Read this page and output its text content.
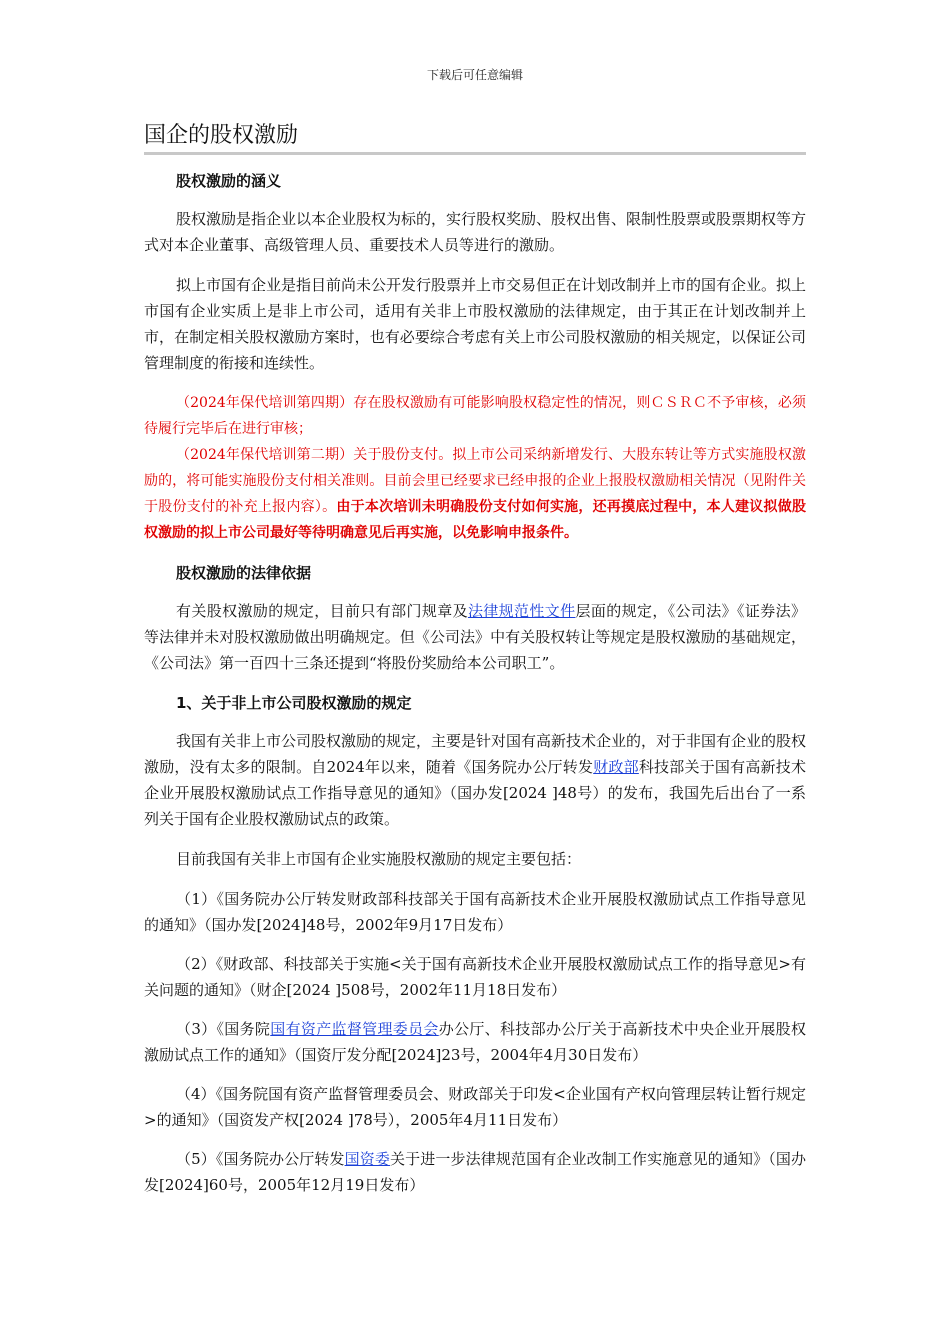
下载后可任意编辑
国企的股权激励

股权激励的涵义

股权激励是指企业以本企业股权为标的，实行股权奖励、股权出售、限制性股票或股票期权等方式对本企业董事、高级管理人员、重要技术人员等进行的激励。

拟上市国有企业是指目前尚未公开发行股票并上市交易但正在计划改制并上市的国有企业。拟上市国有企业实质上是非上市公司，适用有关非上市股权激励的法律规定，由于其正在计划改制并上市，在制定相关股权激励方案时，也有必要综合考虑有关上市公司股权激励的相关规定，以保证公司管理制度的衔接和连续性。

（2024年保代培训第四期）存在股权激励有可能影响股权稳定性的情况，则ＣＳＲＣ不予审核，必须待履行完毕后在进行审核；

（2024年保代培训第二期）关于股份支付。拟上市公司采纳新增发行、大股东转让等方式实施股权激励的，将可能实施股份支付相关准则。目前会里已经要求已经申报的企业上报股权激励相关情况（见附件关于股份支付的补充上报内容）。由于本次培训未明确股份支付如何实施，还再摸底过程中，本人建议拟做股权激励的拟上市公司最好等待明确意见后再实施，以免影响申报条件。

股权激励的法律依据

有关股权激励的规定，目前只有部门规章及法律规范性文件层面的规定，《公司法》《证券法》等法律并未对股权激励做出明确规定。但《公司法》中有关股权转让等规定是股权激励的基础规定，《公司法》第一百四十三条还提到“将股份奖励给本公司职工”。

1、关于非上市公司股权激励的规定

我国有关非上市公司股权激励的规定，主要是针对国有高新技术企业的，对于非国有企业的股权激励，没有太多的限制。自2024年以来，随着《国务院办公厅转发财政部科技部关于国有高新技术企业开展股权激励试点工作指导意见的通知》（国办发[2024 ]48号）的发布，我国先后出台了一系列关于国有企业股权激励试点的政策。

目前我国有关非上市国有企业实施股权激励的规定主要包括：

（1）《国务院办公厅转发财政部科技部关于国有高新技术企业开展股权激励试点工作指导意见的通知》（国办发[2024]48号，2002年9月17日发布）

（2）《财政部、科技部关于实施<关于国有高新技术企业开展股权激励试点工作的指导意见>有关问题的通知》（财企[2024 ]508号，2002年11月18日发布）

（3）《国务院国有资产监督管理委员会办公厅、科技部办公厅关于高新技术中央企业开展股权激励试点工作的通知》（国资厅发分配[2024]23号，2004年4月30日发布）

（4）《国务院国有资产监督管理委员会、财政部关于印发<企业国有产权向管理层转让暂行规定>的通知》（国资发产权[2024 ]78号），2005年4月11日发布）

（5）《国务院办公厅转发国资委关于进一步法律规范国有企业改制工作实施意见的通知》（国办发[2024]60号，2005年12月19日发布）
